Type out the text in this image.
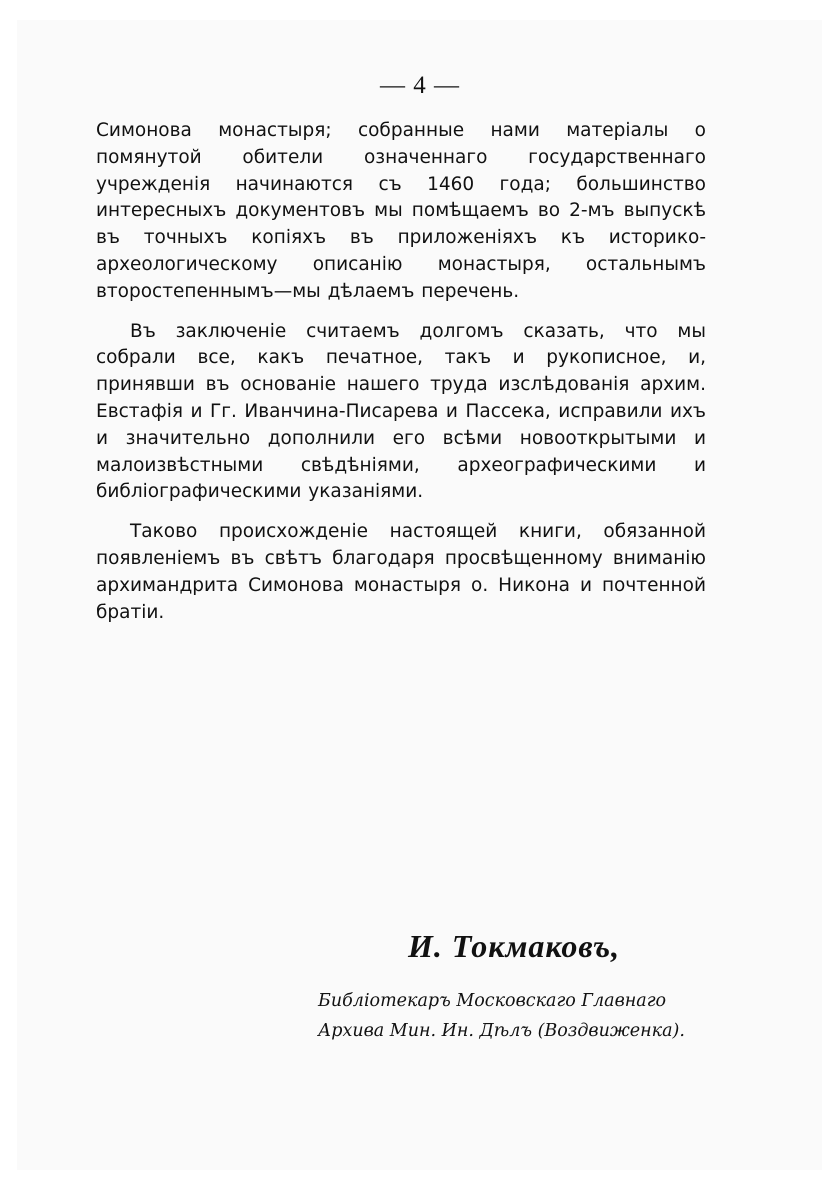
— 4 —

Симонова монастыря; собранные нами матеріалы о помянутой обители означеннаго государственнаго учрежденія начинаются съ 1460 года; большинство интересныхъ документовъ мы помѣщаемъ во 2-мъ выпускѣ въ точныхъ копіяхъ въ приложеніяхъ къ историко-археологическому описанію монастыря, остальнымъ второстепеннымъ—мы дѣлаемъ перечень.

Въ заключеніе считаемъ долгомъ сказать, что мы собрали все, какъ печатное, такъ и рукописное, и, принявши въ основаніе нашего труда изслѣдованія архим. Евстафія и Гг. Иванчина-Писарева и Пассека, исправили ихъ и значительно дополнили его всѣми новооткрытыми и малоизвѣстными свѣдѣніями, археографическими и библіографическими указаніями.

Таково происхожденіе настоящей книги, обязанной появленіемъ въ свѣтъ благодаря просвѣщенному вниманію архимандрита Симонова монастыря о. Никона и почтенной братіи.

И. Токмаковъ,
Библіотекаръ Московскаго Главнаго
Архива Мин. Ин. Дѣлъ (Воздвиженка).
